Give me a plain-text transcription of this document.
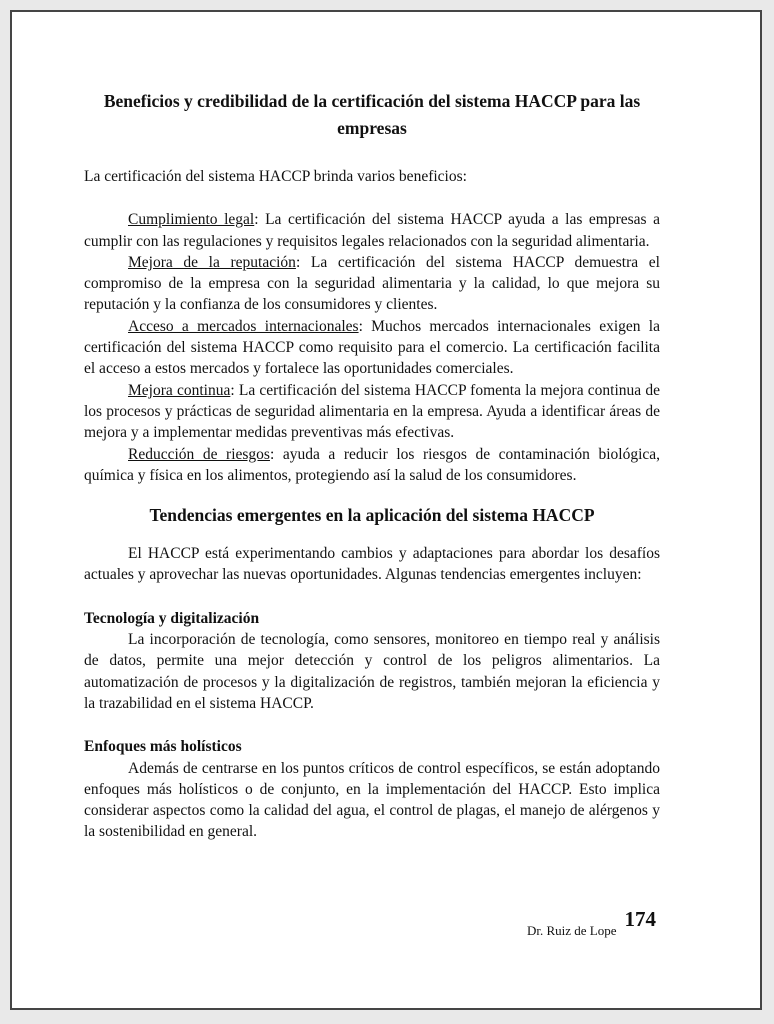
Beneficios y credibilidad de la certificación del sistema HACCP para las empresas

La certificación del sistema HACCP brinda varios beneficios:

Cumplimiento legal: La certificación del sistema HACCP ayuda a las empresas a cumplir con las regulaciones y requisitos legales relacionados con la seguridad alimentaria.

Mejora de la reputación: La certificación del sistema HACCP demuestra el compromiso de la empresa con la seguridad alimentaria y la calidad, lo que mejora su reputación y la confianza de los consumidores y clientes.

Acceso a mercados internacionales: Muchos mercados internacionales exigen la certificación del sistema HACCP como requisito para el comercio. La certificación facilita el acceso a estos mercados y fortalece las oportunidades comerciales.

Mejora continua: La certificación del sistema HACCP fomenta la mejora continua de los procesos y prácticas de seguridad alimentaria en la empresa. Ayuda a identificar áreas de mejora y a implementar medidas preventivas más efectivas.

Reducción de riesgos: ayuda a reducir los riesgos de contaminación biológica, química y física en los alimentos, protegiendo así la salud de los consumidores.

Tendencias emergentes en la aplicación del sistema HACCP

El HACCP está experimentando cambios y adaptaciones para abordar los desafíos actuales y aprovechar las nuevas oportunidades. Algunas tendencias emergentes incluyen:

Tecnología y digitalización

La incorporación de tecnología, como sensores, monitoreo en tiempo real y análisis de datos, permite una mejor detección y control de los peligros alimentarios. La automatización de procesos y la digitalización de registros, también mejoran la eficiencia y la trazabilidad en el sistema HACCP.

Enfoques más holísticos

Además de centrarse en los puntos críticos de control específicos, se están adoptando enfoques más holísticos o de conjunto, en la implementación del HACCP. Esto implica considerar aspectos como la calidad del agua, el control de plagas, el manejo de alérgenos y la sostenibilidad en general.

Dr. Ruiz de Lope 174
